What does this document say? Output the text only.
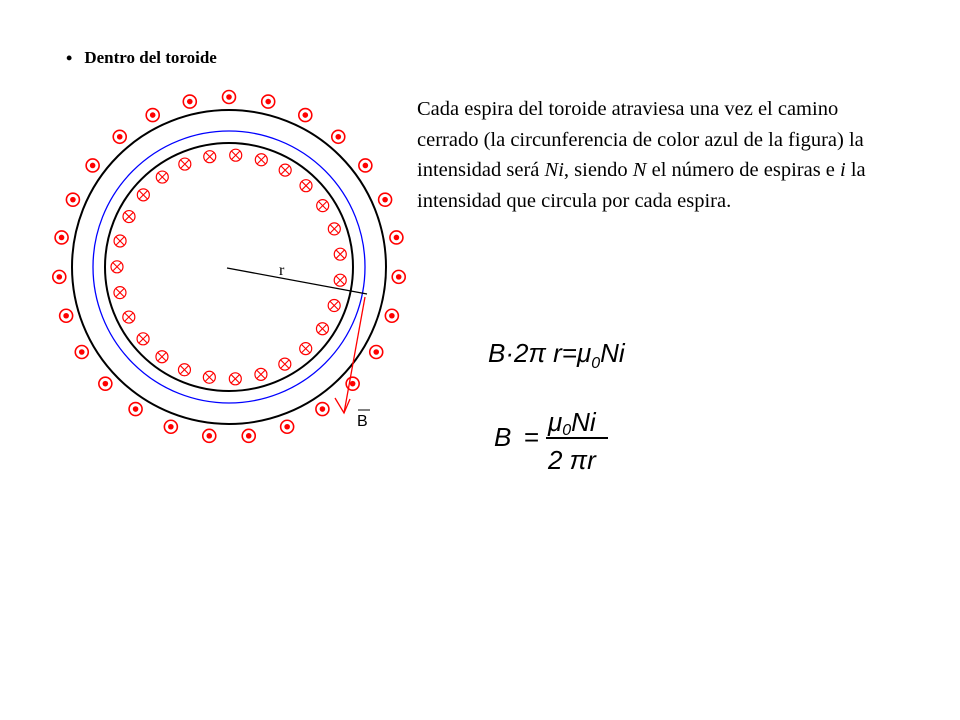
• Dentro del toroide

Cada espira del toroide atraviesa una vez el camino cerrado (la circunferencia de color azul de la figura) la intensidad será Ni, siendo N el número de espiras e i la intensidad que circula por cada espira.

r
B
B·2π $r=\mu_0Ni$
B = μ0Ni
2 πr
